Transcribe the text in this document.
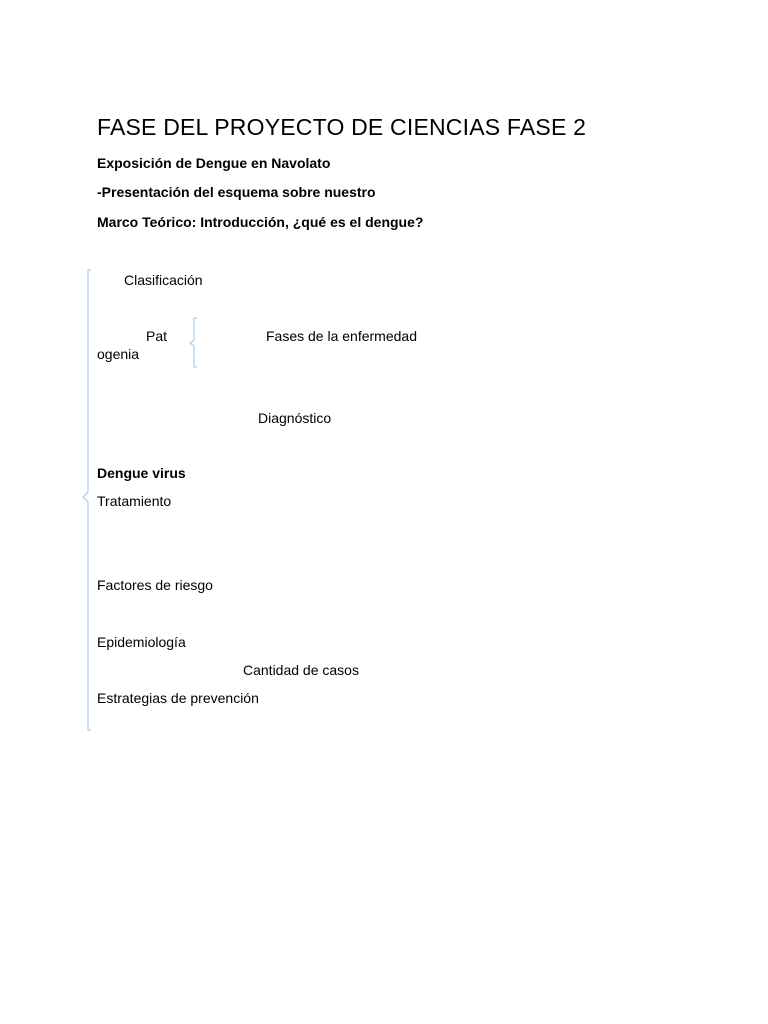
FASE DEL PROYECTO DE CIENCIAS FASE 2

Exposición de Dengue en Navolato

-Presentación del esquema sobre nuestro

Marco Teórico: Introducción, ¿qué es el dengue?

Clasificación

Pat

ogenia

Fases de la enfermedad

Diagnóstico

Dengue virus

Tratamiento

Factores de riesgo

Epidemiología

Cantidad de casos

Estrategias de prevención
